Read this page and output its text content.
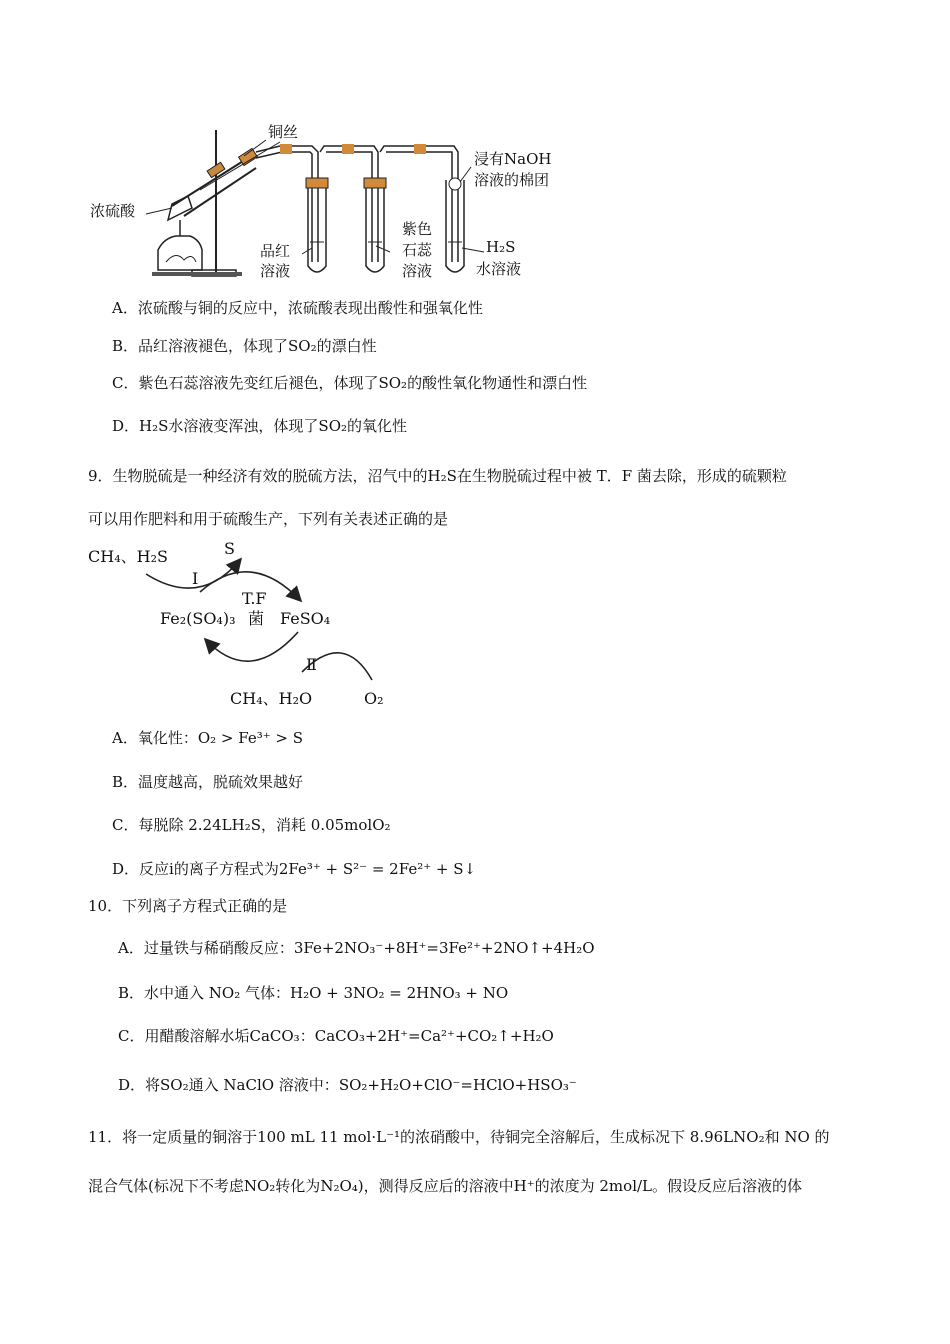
铜丝
浓硫酸
浸有NaOH
溶液的棉团
品红
溶液
紫色
石蕊
溶液
H₂S
水溶液
A．浓硫酸与铜的反应中，浓硫酸表现出酸性和强氧化性
B．品红溶液褪色，体现了SO₂的漂白性
C．紫色石蕊溶液先变红后褪色，体现了SO₂的酸性氧化物通性和漂白性
D．H₂S水溶液变浑浊，体现了SO₂的氧化性
9．生物脱硫是一种经济有效的脱硫方法，沼气中的H₂S在生物脱硫过程中被 T．F 菌去除，形成的硫颗粒
可以用作肥料和用于硫酸生产，下列有关表述正确的是
CH₄、H₂S	S
Ⅰ
Fe₂(SO₄)₃
T.F
菌 FeSO₄
Ⅱ
CH₄、H₂O	O₂
A．氧化性：O₂ > Fe³⁺ > S
B．温度越高，脱硫效果越好
C．每脱除 2.24LH₂S，消耗 0.05molO₂
D．反应i的离子方程式为2Fe³⁺ + S²⁻ = 2Fe²⁺ + S↓
10．下列离子方程式正确的是
A．过量铁与稀硝酸反应：3Fe+2NO₃⁻+8H⁺=3Fe²⁺+2NO↑+4H₂O
B．水中通入 NO₂ 气体：H₂O + 3NO₂ = 2HNO₃ + NO
C．用醋酸溶解水垢CaCO₃：CaCO₃+2H⁺=Ca²⁺+CO₂↑+H₂O
D．将SO₂通入 NaClO 溶液中：SO₂+H₂O+ClO⁻=HClO+HSO₃⁻
11．将一定质量的铜溶于100 mL 11 mol·L⁻¹的浓硝酸中，待铜完全溶解后，生成标况下 8.96LNO₂和 NO 的
混合气体(标况下不考虑NO₂转化为N₂O₄)，测得反应后的溶液中H⁺的浓度为 2mol/L。假设反应后溶液的体
